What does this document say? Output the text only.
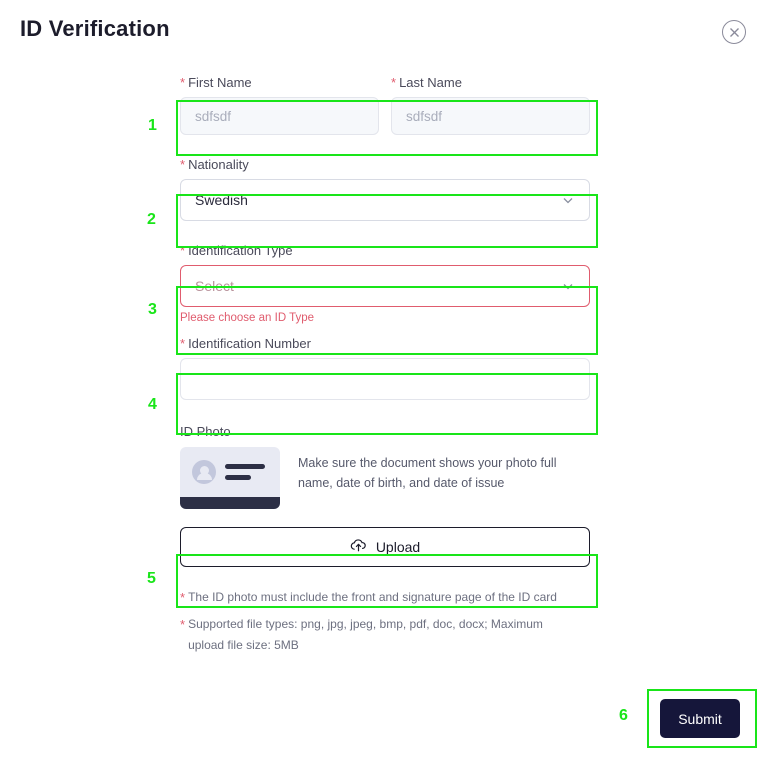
ID Verification
* First Name	* Last Name
sdfsdf
sdfsdf
* Nationality
Swedish
* Identification Type
Select
Please choose an ID Type
* Identification Number
ID Photo
Make sure the document shows your photo full name, date of birth, and date of issue
Upload
* The ID photo must include the front and signature page of the ID card
* Supported file types: png, jpg, jpeg, bmp, pdf, doc, docx; Maximum upload file size: 5MB
Submit
1
2
3
4
5
6
